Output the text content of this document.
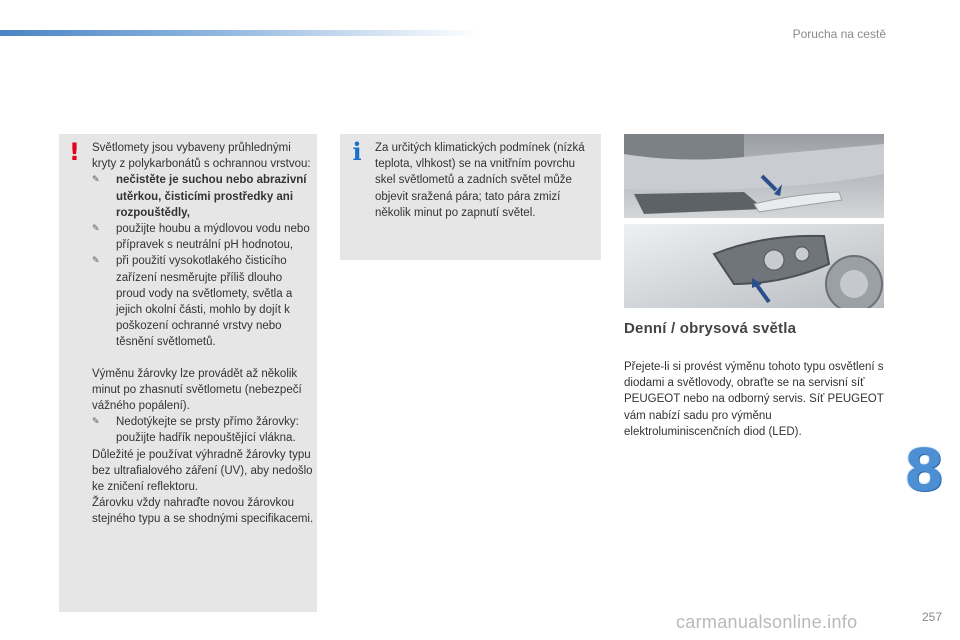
Porucha na cestě
! Světlomety jsou vybaveny průhlednými kryty z polykarbonátů s ochrannou vrstvou:

✎ nečistěte je suchou nebo abrazivní utěrkou, čisticími prostředky ani rozpouštědly,

✎ použijte houbu a mýdlovou vodu nebo přípravek s neutrální pH hodnotou,

✎ při použití vysokotlakého čisticího zařízení nesměrujte příliš dlouho proud vody na světlomety, světla a jejich okolní části, mohlo by dojít k poškození ochranné vrstvy nebo těsnění světlometů.

Výměnu žárovky lze provádět až několik minut po zhasnutí světlometu (nebezpečí vážného popálení).

✎ Nedotýkejte se prsty přímo žárovky: použijte hadřík nepouštějící vlákna.

Důležité je používat výhradně žárovky typu bez ultrafialového záření (UV), aby nedošlo ke zničení reflektoru.

Žárovku vždy nahraďte novou žárovkou stejného typu a se shodnými specifikacemi.

i Za určitých klimatických podmínek (nízká teplota, vlhkost) se na vnitřním povrchu skel světlometů a zadních světel může objevit sražená pára; tato pára zmizí několik minut po zapnutí světel.
Denní / obrysová světla
Přejete-li si provést výměnu tohoto typu osvětlení s diodami a světlovody, obraťte se na servisní síť PEUGEOT nebo na odborný servis. Síť PEUGEOT vám nabízí sadu pro výměnu elektroluminiscenčních diod (LED).
8
257
carmanualsonline.info
